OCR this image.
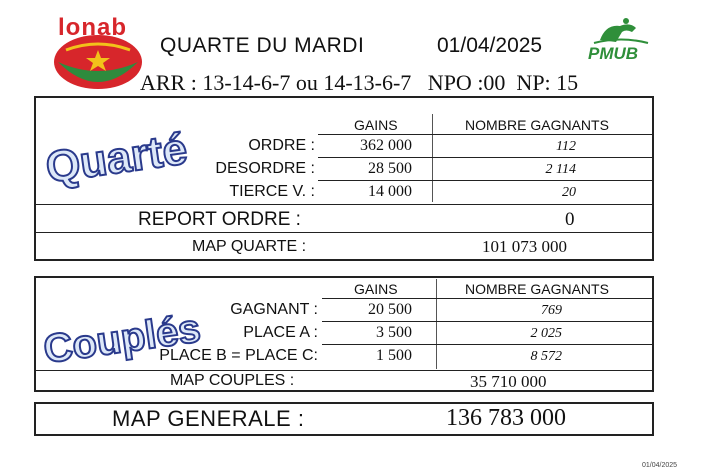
lonab
PMUB
QUARTE DU MARDI	01/04/2025
ARR : 13-14-6-7 ou 14-13-6-7   NPO :00  NP: 15
Quarté	GAINS	NOMBRE GAGNANTS
ORDRE :	362 000	112
DESORDRE :	28 500	2 114
TIERCE V. :	14 000	20
REPORT ORDRE :	0
MAP QUARTE :	101 073 000
Couplés
GAINS	NOMBRE GAGNANTS
GAGNANT :	20 500	769
PLACE A :	3 500	2 025
PLACE B = PLACE C:	1 500	8 572
MAP COUPLES :	35 710 000
MAP GENERALE :	136 783 000
01/04/2025
